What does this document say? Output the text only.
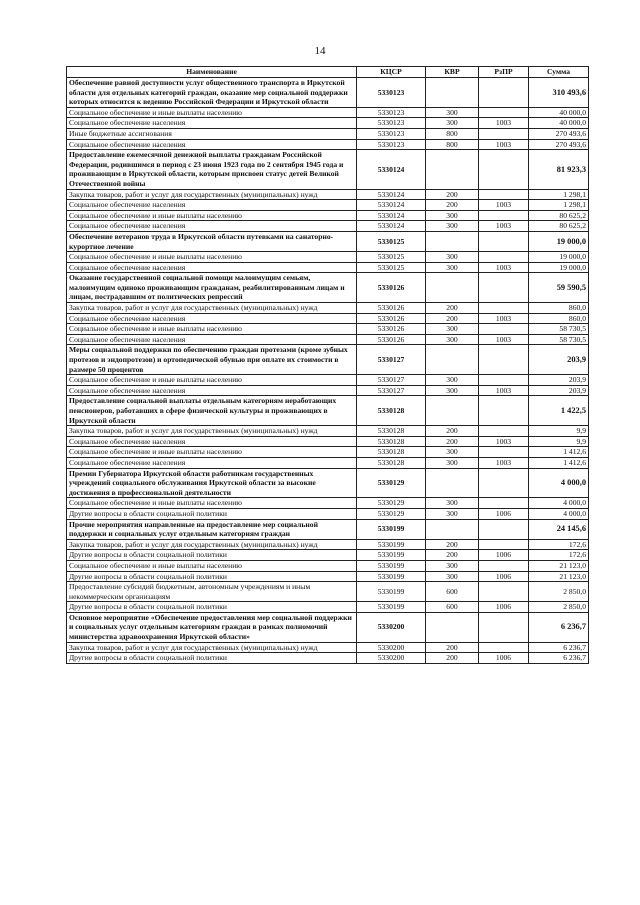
14
Наименование	КЦСР	КВР	РзПР	Сумма
Обеспечение равной доступности услуг общественного транспорта в Иркутской области для отдельных категорий граждан, оказание мер социальной поддержки которых относится к ведению Российской Федерации и Иркутской области	5330123			310 493,6
Социальное обеспечение и иные выплаты населению	5330123	300		40 000,0
Социальное обеспечение населения	5330123	300	1003	40 000,0
Иные бюджетные ассигнования	5330123	800		270 493,6
Социальное обеспечение населения	5330123	800	1003	270 493,6
Предоставление ежемесячной денежной выплаты гражданам Российской Федерации, родившимся в период с 23 июня 1923 года по 2 сентября 1945 года и проживающим в Иркутской области, которым присвоен статус детей Великой Отечественной войны	5330124			81 923,3
Закупка товаров, работ и услуг для государственных (муниципальных) нужд	5330124	200		1 298,1
Социальное обеспечение населения	5330124	200	1003	1 298,1
Социальное обеспечение и иные выплаты населению	5330124	300		80 625,2
Социальное обеспечение населения	5330124	300	1003	80 625,2
Обеспечение ветеранов труда в Иркутской области путевками на санаторно-курортное лечение	5330125			19 000,0
Социальное обеспечение и иные выплаты населению	5330125	300		19 000,0
Социальное обеспечение населения	5330125	300	1003	19 000,0
Оказание государственной социальной помощи малоимущим семьям, малоимущим одиноко проживающим гражданам, реабилитированным лицам и лицам, пострадавшим от политических репрессий	5330126			59 590,5
Закупка товаров, работ и услуг для государственных (муниципальных) нужд	5330126	200		860,0
Социальное обеспечение населения	5330126	200	1003	860,0
Социальное обеспечение и иные выплаты населению	5330126	300		58 730,5
Социальное обеспечение населения	5330126	300	1003	58 730,5
Меры социальной поддержки по обеспечению граждан протезами (кроме зубных протезов и эндопротезов) и ортопедической обувью при оплате их стоимости в размере 50 процентов	5330127			203,9
Социальное обеспечение и иные выплаты населению	5330127	300		203,9
Социальное обеспечение населения	5330127	300	1003	203,9
Предоставление социальной выплаты отдельным категориям неработающих пенсионеров, работавших в сфере физической культуры и проживающих в Иркутской области	5330128			1 422,5
Закупка товаров, работ и услуг для государственных (муниципальных) нужд	5330128	200		9,9
Социальное обеспечение населения	5330128	200	1003	9,9
Социальное обеспечение и иные выплаты населению	5330128	300		1 412,6
Социальное обеспечение населения	5330128	300	1003	1 412,6
Премии Губернатора Иркутской области работникам государственных учреждений социального обслуживания Иркутской области за высокие достижения в профессиональной деятельности	5330129			4 000,0
Социальное обеспечение и иные выплаты населению	5330129	300		4 000,0
Другие вопросы в области социальной политики	5330129	300	1006	4 000,0
Прочие мероприятия направленные на предоставление мер социальной поддержки и социальных услуг отдельным категориям граждан	5330199			24 145,6
Закупка товаров, работ и услуг для государственных (муниципальных) нужд	5330199	200		172,6
Другие вопросы в области социальной политики	5330199	200	1006	172,6
Социальное обеспечение и иные выплаты населению	5330199	300		21 123,0
Другие вопросы в области социальной политики	5330199	300	1006	21 123,0
Предоставление субсидий бюджетным, автономным учреждениям и иным некоммерческим организациям	5330199	600		2 850,0
Другие вопросы в области социальной политики	5330199	600	1006	2 850,0
Основное мероприятие «Обеспечение предоставления мер социальной поддержки и социальных услуг отдельным категориям граждан в рамках полномочий министерства здравоохранения Иркутской области»	5330200			6 236,7
Закупка товаров, работ и услуг для государственных (муниципальных) нужд	5330200	200		6 236,7
Другие вопросы в области социальной политики	5330200	200	1006	6 236,7
